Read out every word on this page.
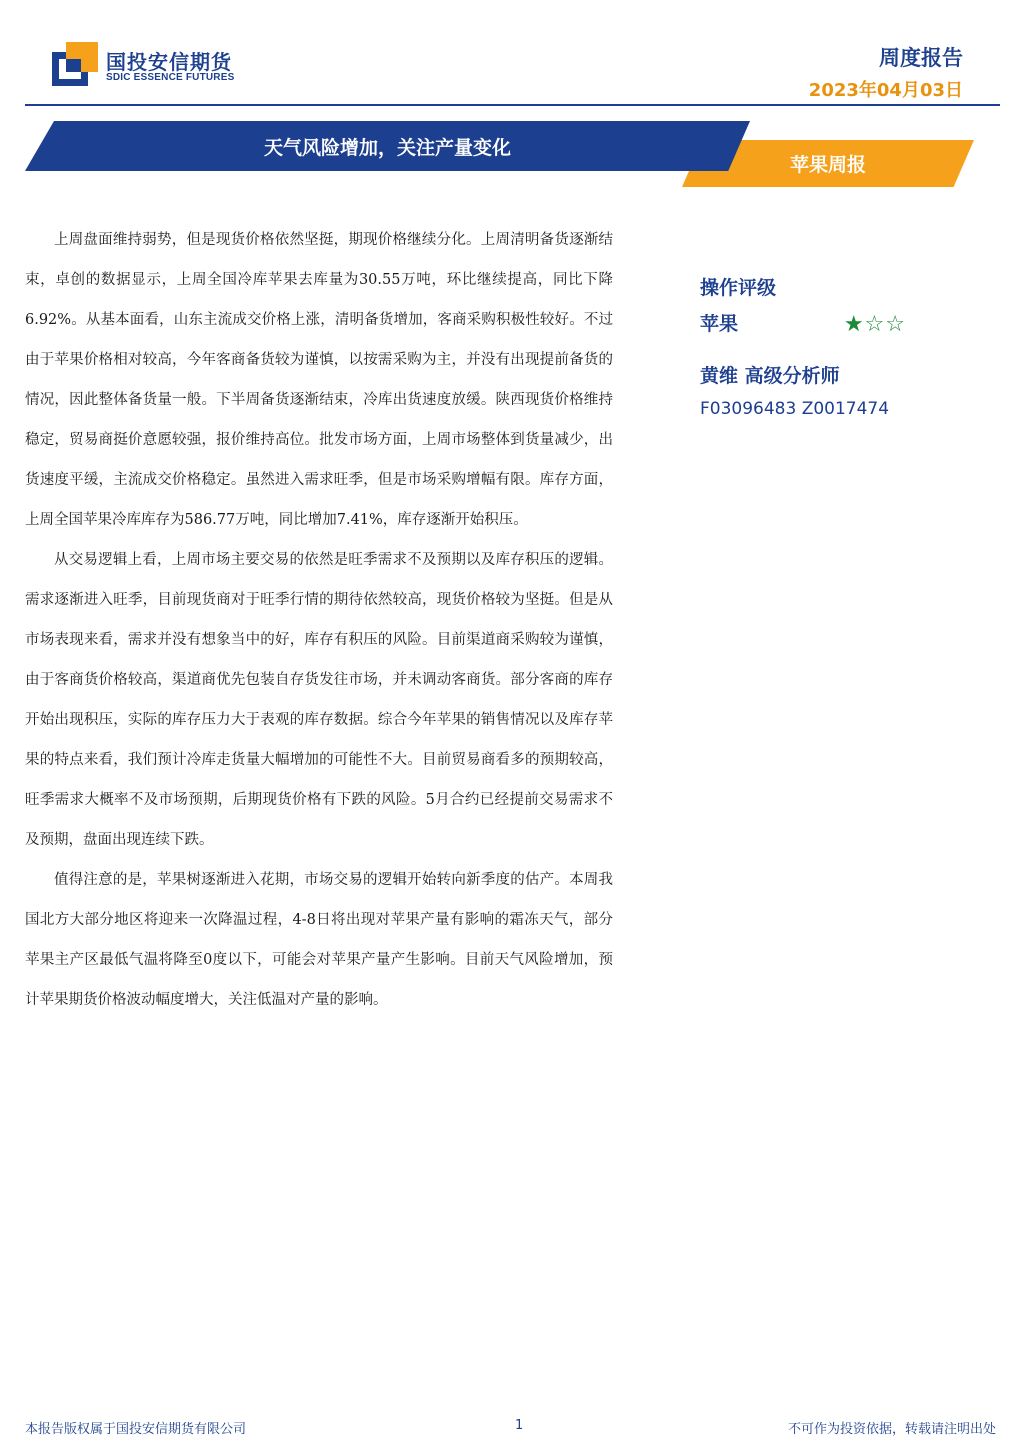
国投安信期货
SDIC ESSENCE FUTURES
周度报告
2023年04月03日
苹果周报
天气风险增加，关注产量变化

上周盘面维持弱势，但是现货价格依然坚挺，期现价格继续分化。上周清明备货逐渐结束，卓创的数据显示，上周全国冷库苹果去库量为30.55万吨，环比继续提高，同比下降6.92%。从基本面看，山东主流成交价格上涨，清明备货增加，客商采购积极性较好。不过由于苹果价格相对较高，今年客商备货较为谨慎，以按需采购为主，并没有出现提前备货的情况，因此整体备货量一般。下半周备货逐渐结束，冷库出货速度放缓。陕西现货价格维持稳定，贸易商挺价意愿较强，报价维持高位。批发市场方面，上周市场整体到货量减少，出货速度平缓，主流成交价格稳定。虽然进入需求旺季，但是市场采购增幅有限。库存方面，上周全国苹果冷库库存为586.77万吨，同比增加7.41%，库存逐渐开始积压。

从交易逻辑上看，上周市场主要交易的依然是旺季需求不及预期以及库存积压的逻辑。需求逐渐进入旺季，目前现货商对于旺季行情的期待依然较高，现货价格较为坚挺。但是从市场表现来看，需求并没有想象当中的好，库存有积压的风险。目前渠道商采购较为谨慎，由于客商货价格较高，渠道商优先包装自存货发往市场，并未调动客商货。部分客商的库存开始出现积压，实际的库存压力大于表观的库存数据。综合今年苹果的销售情况以及库存苹果的特点来看，我们预计冷库走货量大幅增加的可能性不大。目前贸易商看多的预期较高，旺季需求大概率不及市场预期，后期现货价格有下跌的风险。5月合约已经提前交易需求不及预期，盘面出现连续下跌。

值得注意的是，苹果树逐渐进入花期，市场交易的逻辑开始转向新季度的估产。本周我国北方大部分地区将迎来一次降温过程，4-8日将出现对苹果产量有影响的霜冻天气，部分苹果主产区最低气温将降至0度以下，可能会对苹果产量产生影响。目前天气风险增加，预计苹果期货价格波动幅度增大，关注低温对产量的影响。

操作评级
苹果	★☆☆
黄维 高级分析师
F03096483 Z0017474
本报告版权属于国投安信期货有限公司	1	不可作为投资依据，转载请注明出处
